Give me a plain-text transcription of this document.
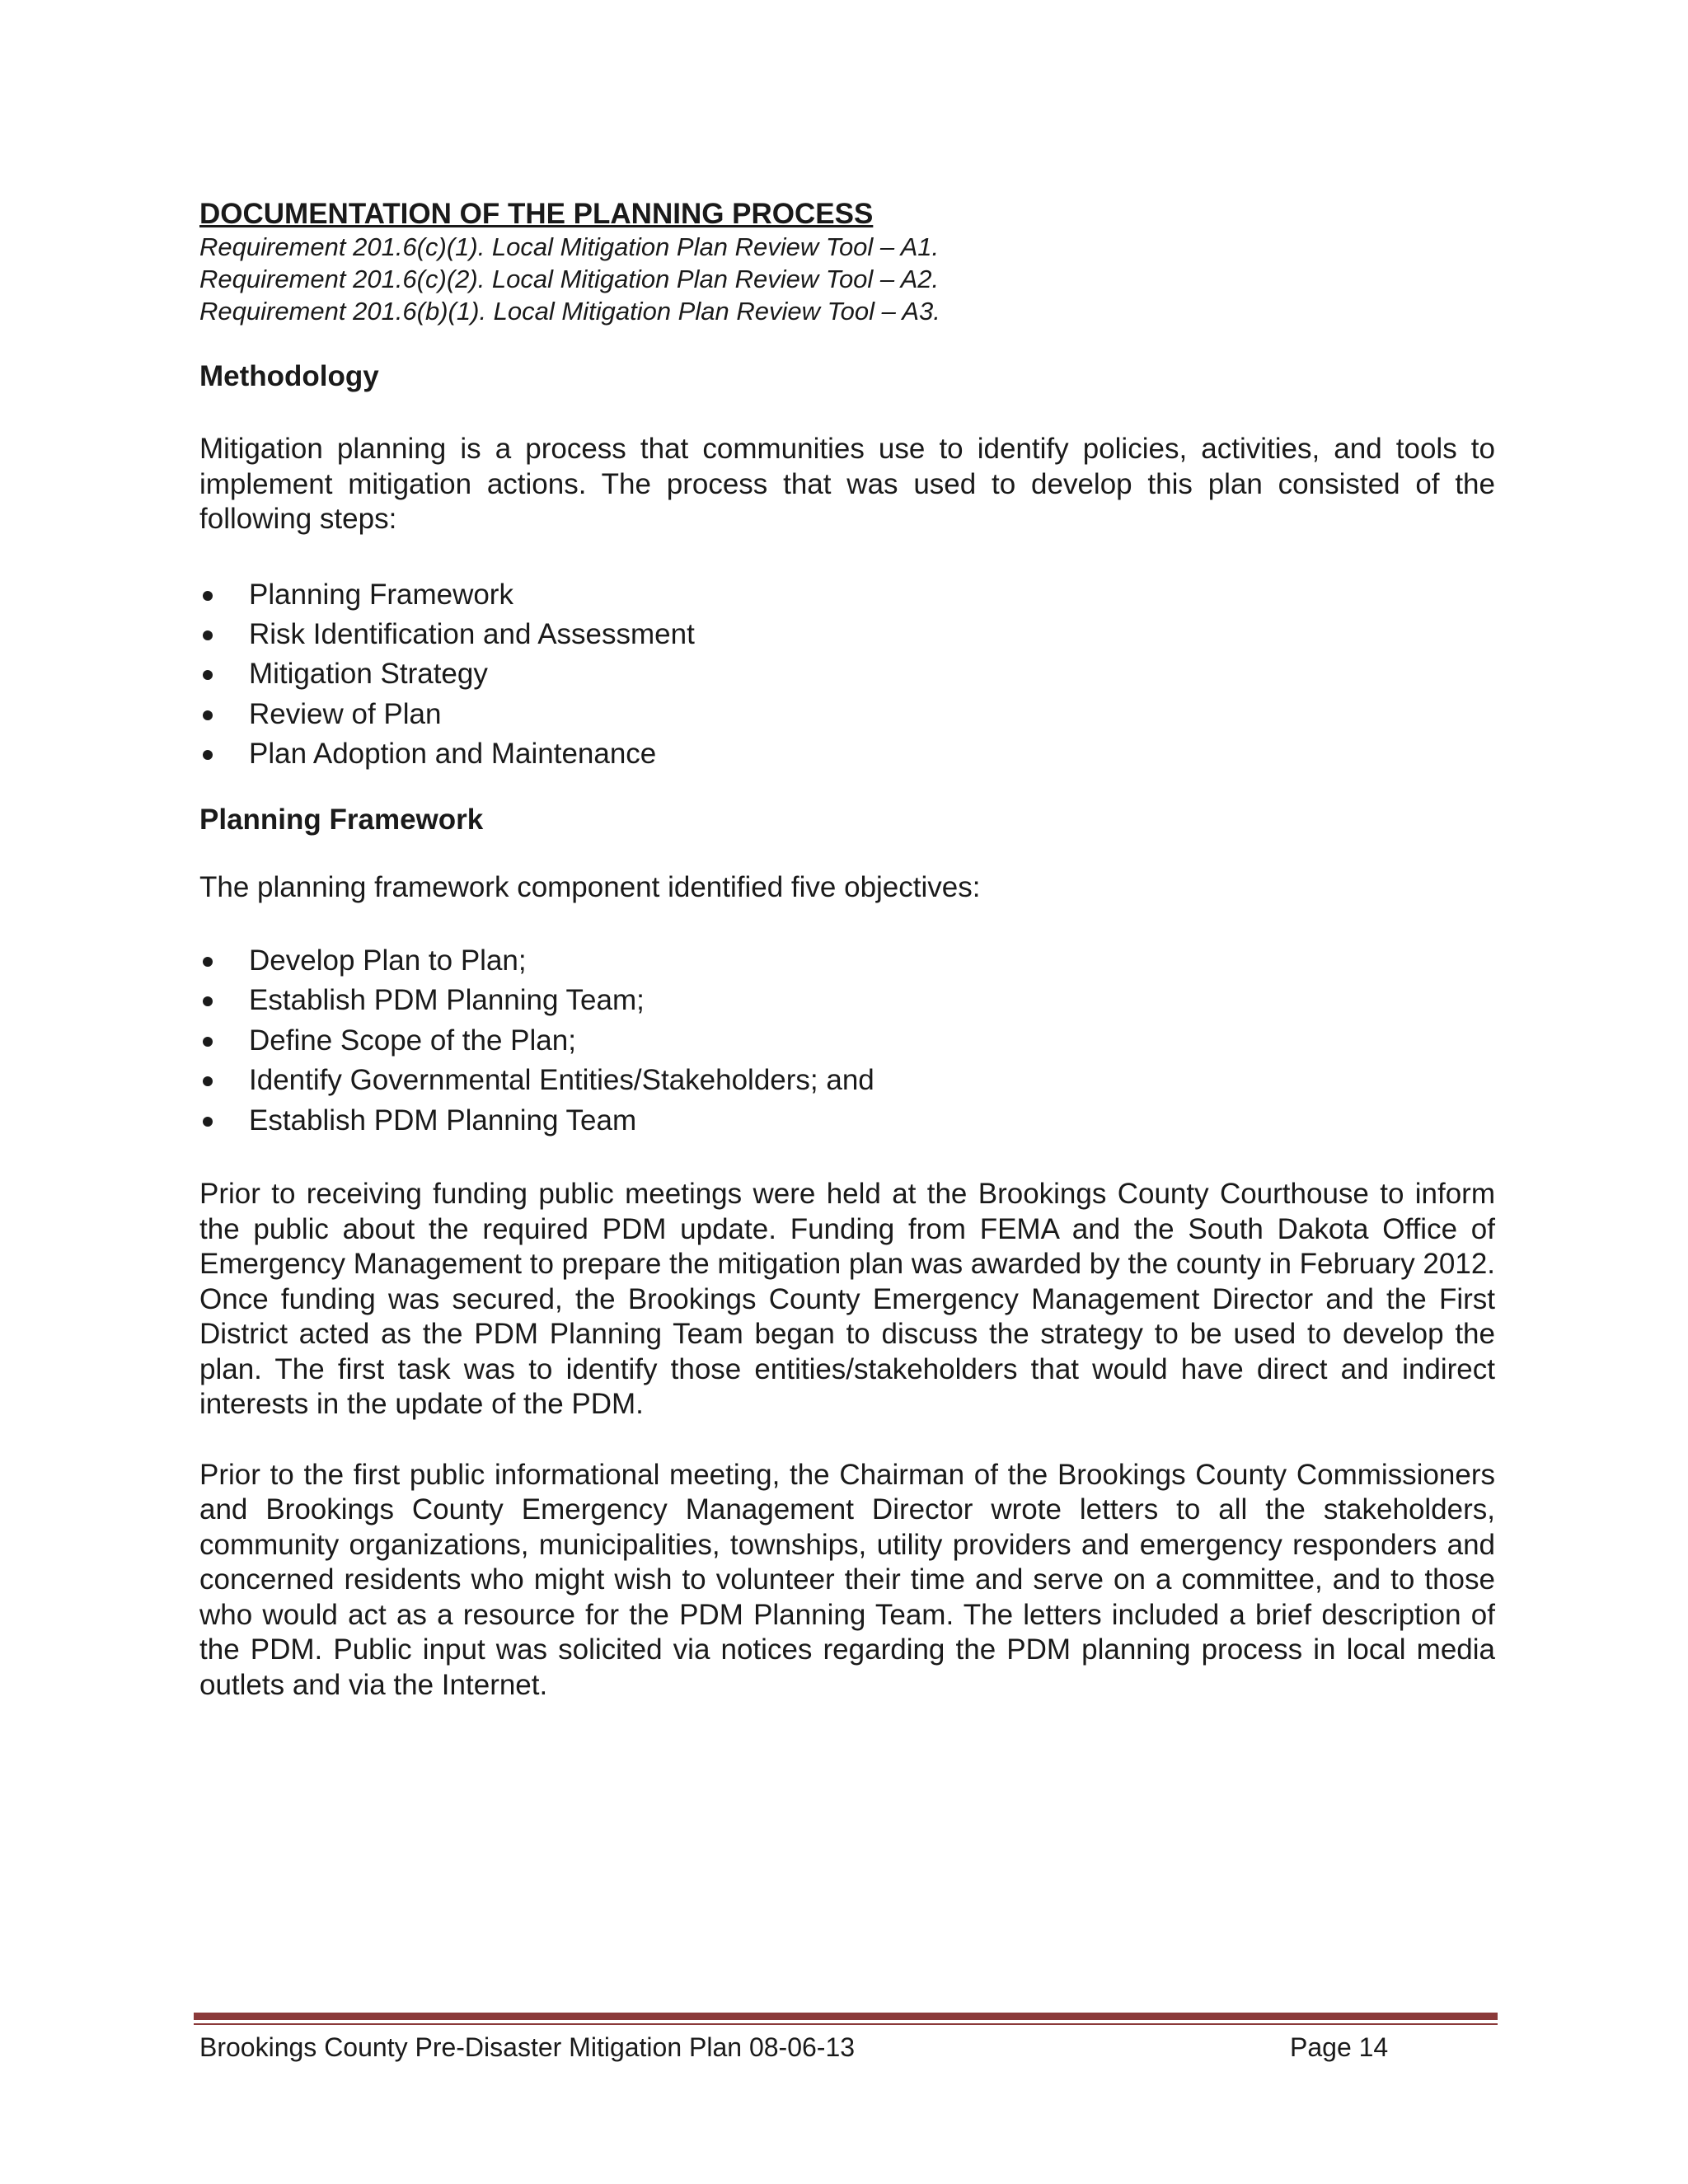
DOCUMENTATION OF THE PLANNING PROCESS
Requirement 201.6(c)(1). Local Mitigation Plan Review Tool – A1.
Requirement 201.6(c)(2). Local Mitigation Plan Review Tool – A2.
Requirement 201.6(b)(1). Local Mitigation Plan Review Tool – A3.
Methodology

Mitigation planning is a process that communities use to identify policies, activities, and tools to implement mitigation actions. The process that was used to develop this plan consisted of the following steps:

Planning Framework
Risk Identification and Assessment
Mitigation Strategy
Review of Plan
Plan Adoption and Maintenance
Planning Framework

The planning framework component identified five objectives:

Develop Plan to Plan;
Establish PDM Planning Team;
Define Scope of the Plan;
Identify Governmental Entities/Stakeholders; and
Establish PDM Planning Team

Prior to receiving funding public meetings were held at the Brookings County Courthouse to inform the public about the required PDM update. Funding from FEMA and the South Dakota Office of Emergency Management to prepare the mitigation plan was awarded by the county in February 2012. Once funding was secured, the Brookings County Emergency Management Director and the First District acted as the PDM Planning Team began to discuss the strategy to be used to develop the plan. The first task was to identify those entities/stakeholders that would have direct and indirect interests in the update of the PDM.

Prior to the first public informational meeting, the Chairman of the Brookings County Commissioners and Brookings County Emergency Management Director wrote letters to all the stakeholders, community organizations, municipalities, townships, utility providers and emergency responders and concerned residents who might wish to volunteer their time and serve on a committee, and to those who would act as a resource for the PDM Planning Team. The letters included a brief description of the PDM. Public input was solicited via notices regarding the PDM planning process in local media outlets and via the Internet.

Brookings County Pre-Disaster Mitigation Plan 08-06-13	Page 14
